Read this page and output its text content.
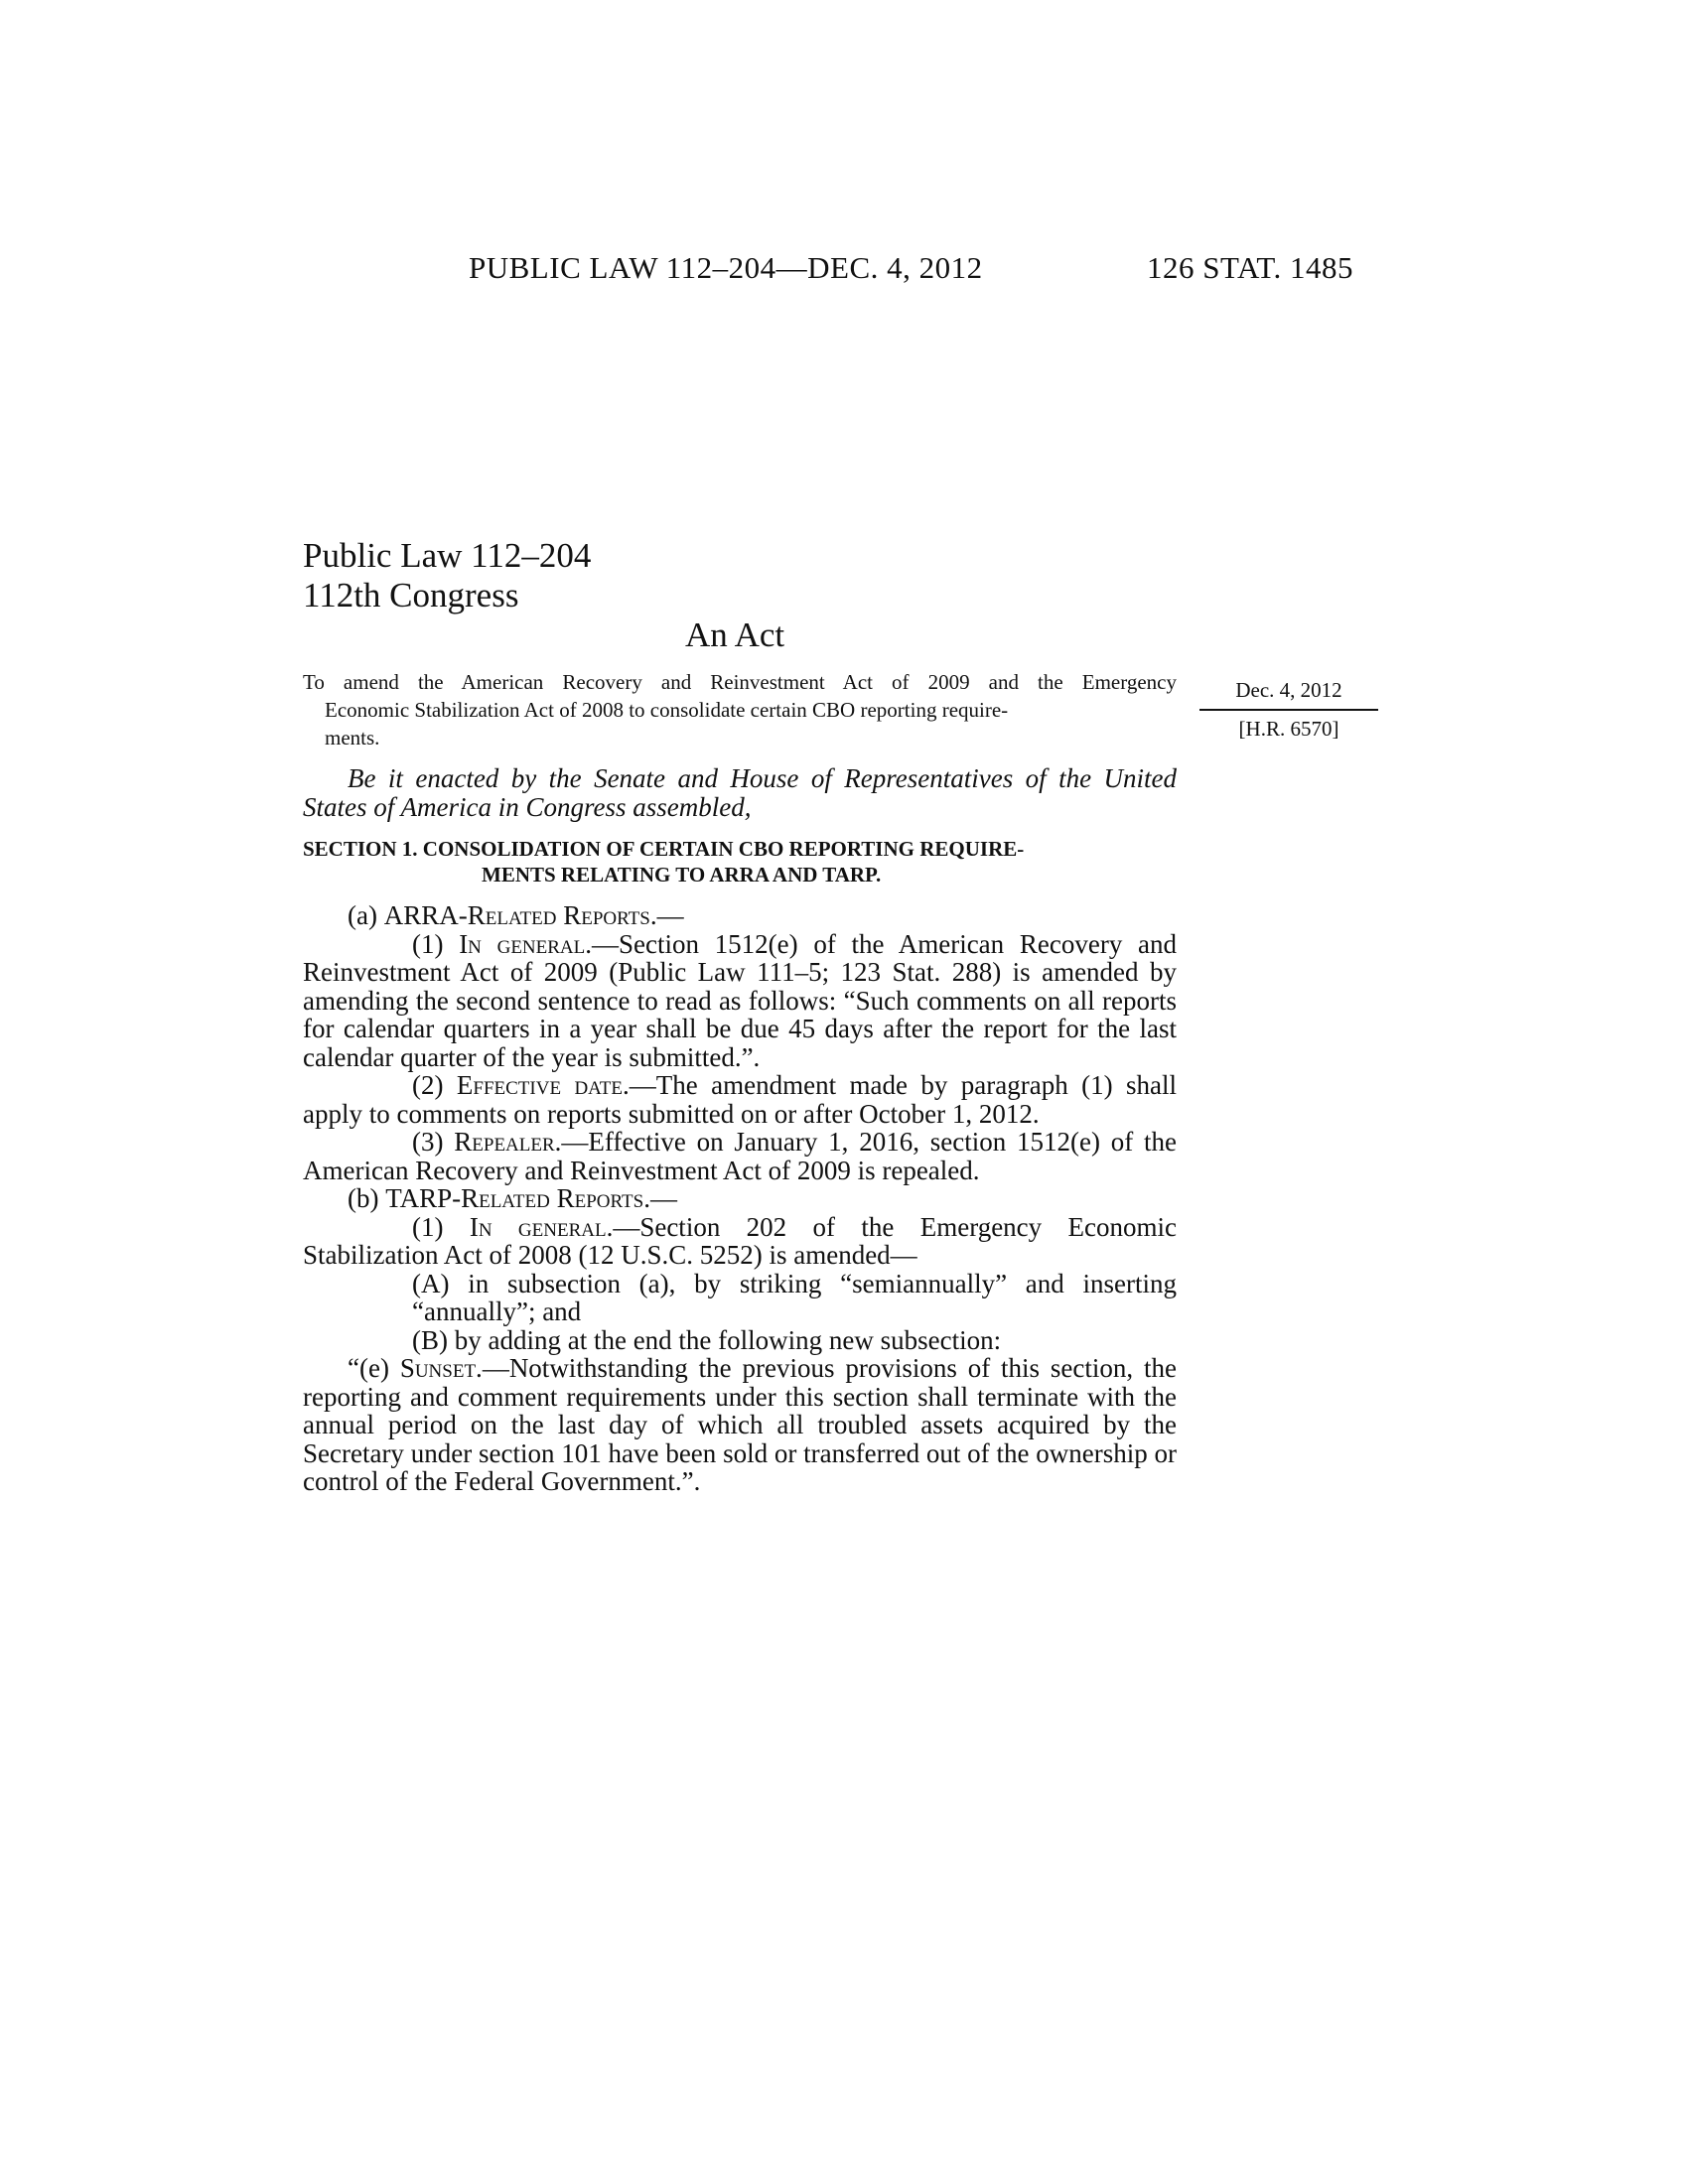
PUBLIC LAW 112–204—DEC. 4, 2012	126 STAT. 1485
Public Law 112–204
112th Congress
An Act
To amend the American Recovery and Reinvestment Act of 2009 and the Emergency
Economic Stabilization Act of 2008 to consolidate certain CBO reporting require-
ments.
Dec. 4, 2012
[H.R. 6570]

Be it enacted by the Senate and House of Representatives of the United States of America in Congress assembled,

SECTION 1. CONSOLIDATION OF CERTAIN CBO REPORTING REQUIRE-
MENTS RELATING TO ARRA AND TARP.

(a) ARRA-Related Reports.—

(1) In general.—Section 1512(e) of the American Recovery and Reinvestment Act of 2009 (Public Law 111–5; 123 Stat. 288) is amended by amending the second sentence to read as follows: “Such comments on all reports for calendar quarters in a year shall be due 45 days after the report for the last calendar quarter of the year is submitted.”.

(2) Effective date.—The amendment made by paragraph (1) shall apply to comments on reports submitted on or after October 1, 2012.

(3) Repealer.—Effective on January 1, 2016, section 1512(e) of the American Recovery and Reinvestment Act of 2009 is repealed.

(b) TARP-Related Reports.—

(1) In general.—Section 202 of the Emergency Economic Stabilization Act of 2008 (12 U.S.C. 5252) is amended—

(A) in subsection (a), by striking “semiannually” and inserting “annually”; and

(B) by adding at the end the following new subsection:

“(e) Sunset.—Notwithstanding the previous provisions of this section, the reporting and comment requirements under this section shall terminate with the annual period on the last day of which all troubled assets acquired by the Secretary under section 101 have been sold or transferred out of the ownership or control of the Federal Government.”.
